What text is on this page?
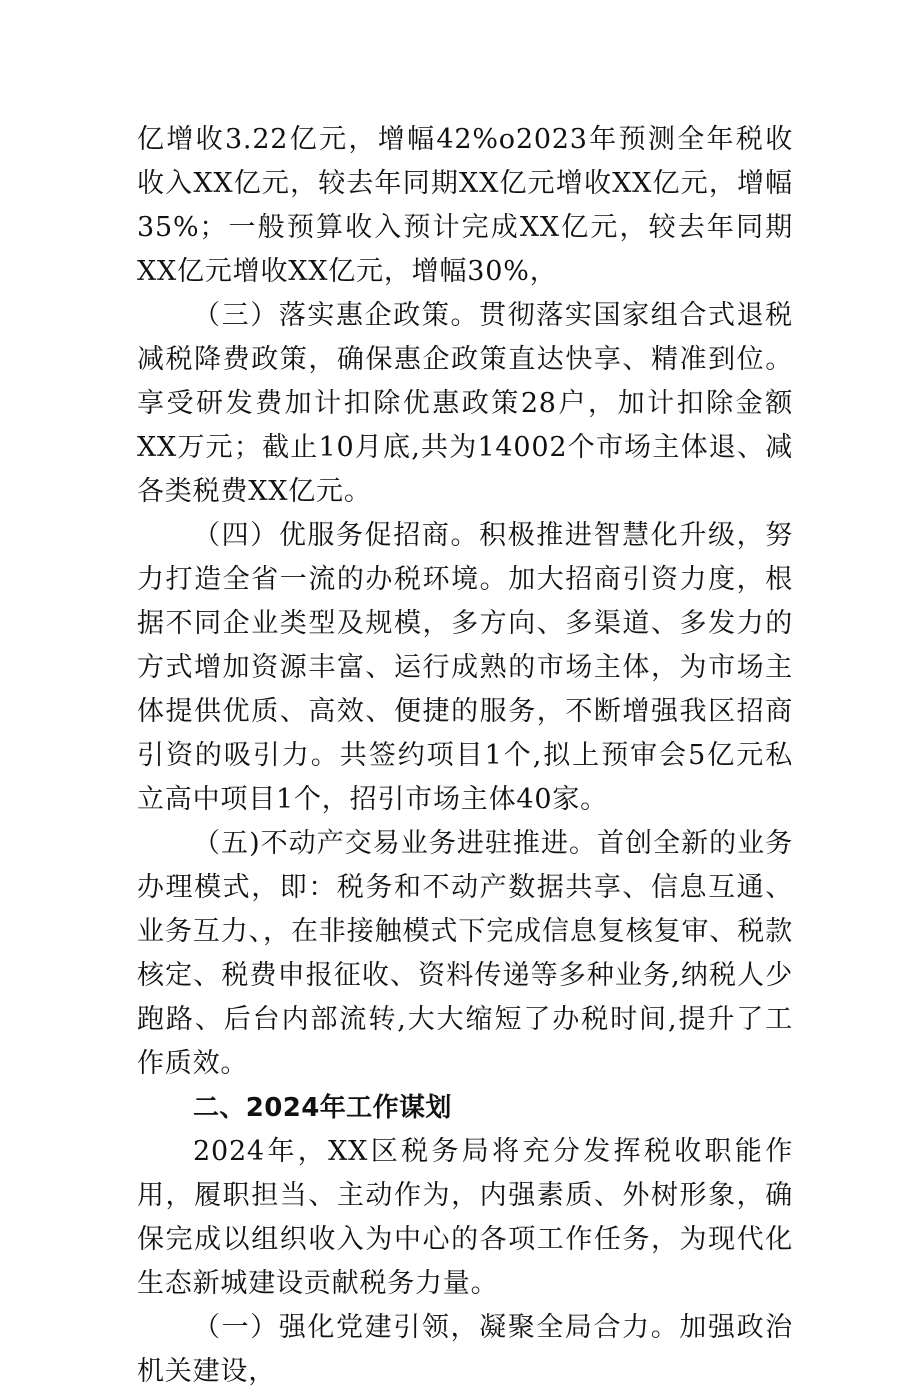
亿增收3.22亿元，增幅42%o2023年预测全年税收收入XX亿元，较去年同期XX亿元增收XX亿元，增幅35%；一般预算收入预计完成XX亿元，较去年同期XX亿元增收XX亿元，增幅30%，

（三）落实惠企政策。贯彻落实国家组合式退税减税降费政策，确保惠企政策直达快享、精准到位。享受研发费加计扣除优惠政策28户，加计扣除金额XX万元；截止10月底,共为14002个市场主体退、减各类税费XX亿元。

（四）优服务促招商。积极推进智慧化升级，努力打造全省一流的办税环境。加大招商引资力度，根据不同企业类型及规模，多方向、多渠道、多发力的方式增加资源丰富、运行成熟的市场主体，为市场主体提供优质、高效、便捷的服务，不断增强我区招商引资的吸引力。共签约项目1个,拟上预审会5亿元私立高中项目1个，招引市场主体40家。

（五)不动产交易业务进驻推进。首创全新的业务办理模式，即：税务和不动产数据共享、信息互通、业务互力、，在非接触模式下完成信息复核复审、税款核定、税费申报征收、资料传递等多种业务,纳税人少跑路、后台内部流转,大大缩短了办税时间,提升了工作质效。

二、2024年工作谋划

2024年，XX区税务局将充分发挥税收职能作用，履职担当、主动作为，内强素质、外树形象，确保完成以组织收入为中心的各项工作任务，为现代化生态新城建设贡献税务力量。

（一）强化党建引领，凝聚全局合力。加强政治机关建设，
